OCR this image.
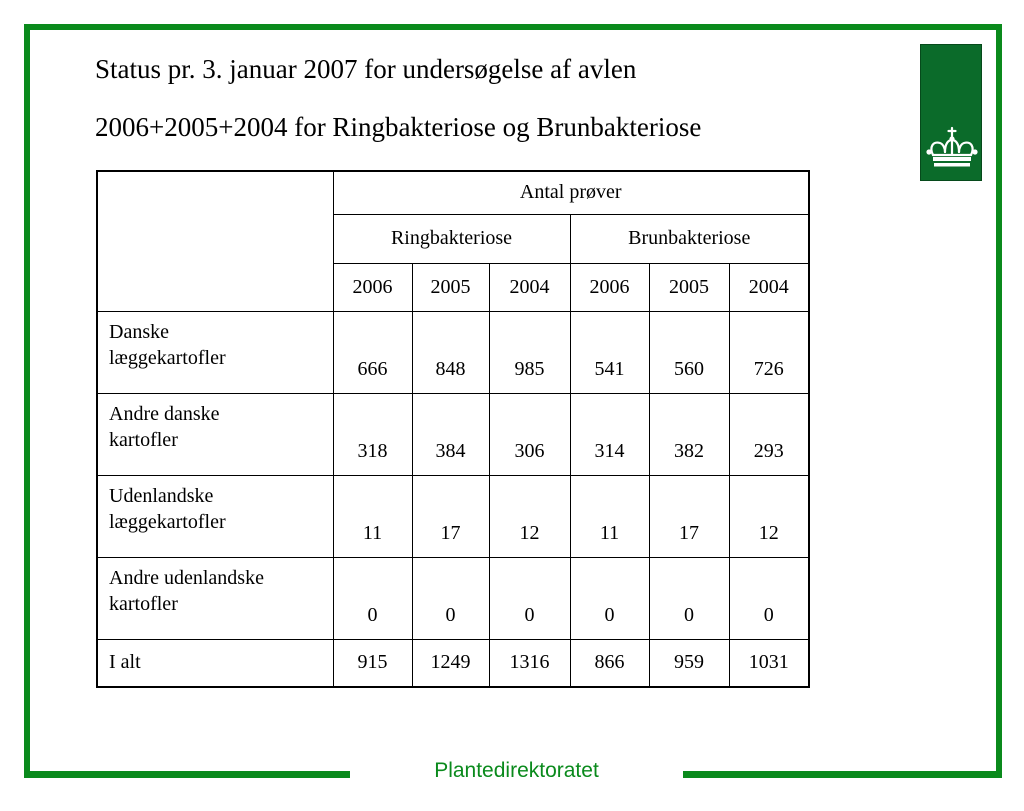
Plantedirektoratet
Status pr. 3. januar 2007 for undersøgelse af avlen
2006+2005+2004 for Ringbakteriose og Brunbakteriose
	Antal prøver					
	Ringbakteriose			Brunbakteriose		
	2006	2005	2004	2006	2005	2004

Danske
læggekartofler	666	848	985	541	560	726

Andre danske
kartofler	318	384	306	314	382	293

Udenlandske
læggekartofler	11	17	12	11	17	12

Andre udenlandske
kartofler	0	0	0	0	0	0
I alt	915	1249	1316	866	959	1031
